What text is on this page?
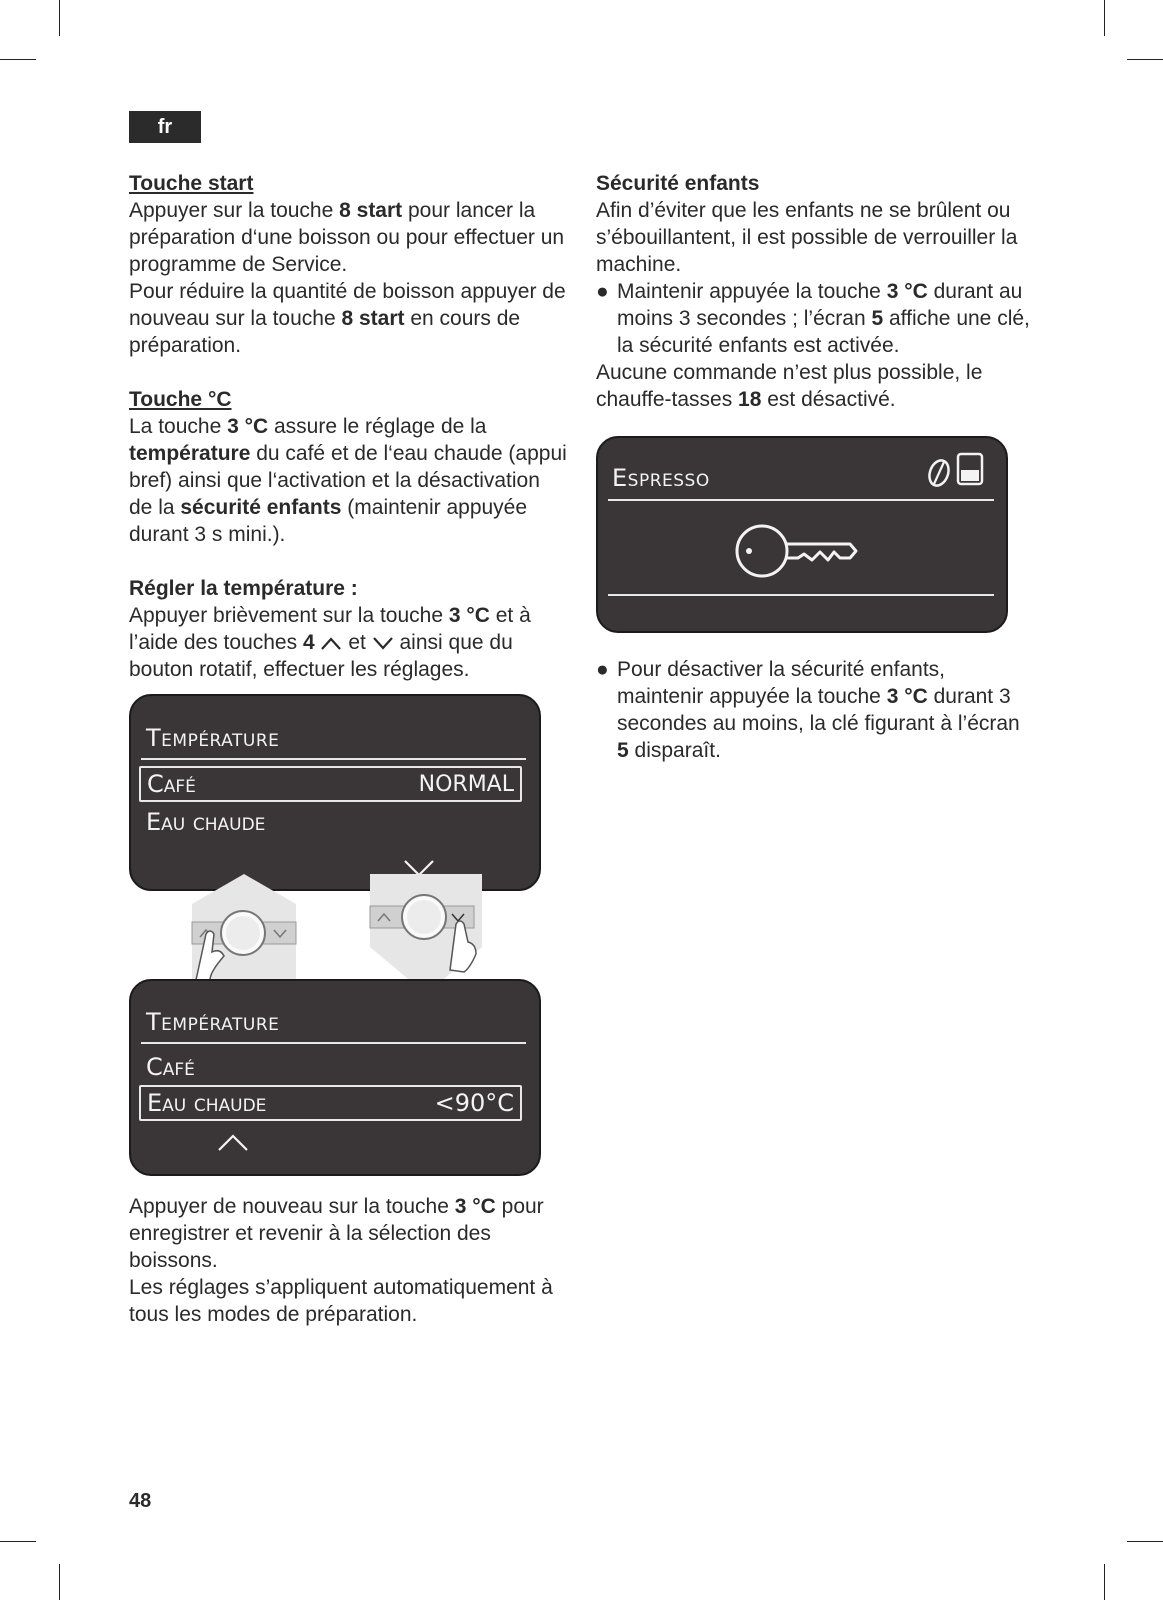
fr
Touche start

Appuyer sur la touche 8 start pour lancer la préparation d‘une boisson ou pour effectuer un programme de Service.

Pour réduire la quantité de boisson appuyer de nouveau sur la touche 8 start en cours de préparation.

Touche °C

La touche 3 °C assure le réglage de la température du café et de l‘eau chaude (appui bref) ainsi que l‘activation et la désactivation de la sécurité enfants (maintenir appuyée durant 3 s mini.).

Régler la température :

Appuyer brièvement sur la touche 3 °C et à l’aide des touches 4  et  ainsi que du bouton rotatif, effectuer les réglages.

Température
Café	NORMAL
Eau chaude
Température
Café
Eau chaude	<90°C

Appuyer de nouveau sur la touche 3 °C pour enregistrer et revenir à la sélection des boissons.

Les réglages s’appliquent automatiquement à tous les modes de préparation.

Sécurité enfants

Afin d’éviter que les enfants ne se brûlent ou s’ébouillantent, il est possible de verrouiller la machine.

● Maintenir appuyée la touche 3 °C durant au moins 3 secondes ; l’écran 5 affiche une clé, la sécurité enfants est activée.

Aucune commande n’est plus possible, le chauffe-tasses 18 est désactivé.

Espresso
● Pour désactiver la sécurité enfants, maintenir appuyée la touche 3 °C durant 3 secondes au moins, la clé figurant à l’écran 5 disparaît.
48
